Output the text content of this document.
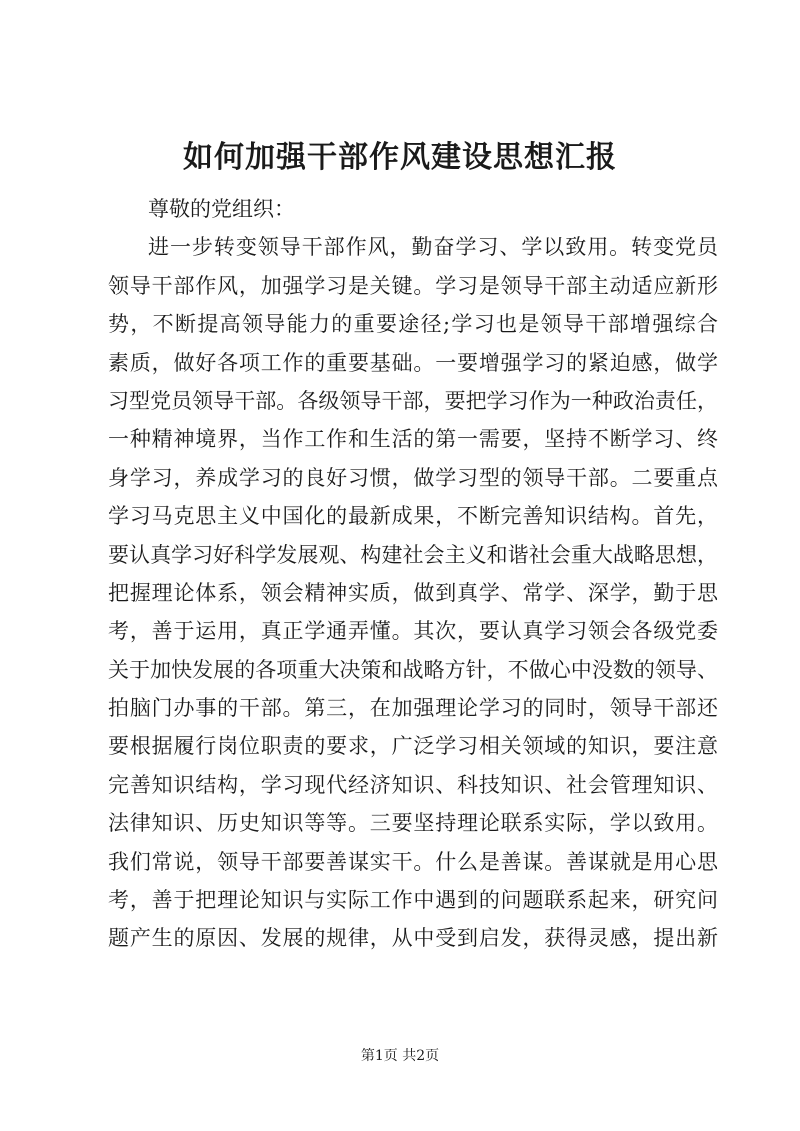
如何加强干部作风建设思想汇报
尊敬的党组织：
进一步转变领导干部作风，勤奋学习、学以致用。转变党员
领导干部作风，加强学习是关键。学习是领导干部主动适应新形
势，不断提高领导能力的重要途径;学习也是领导干部增强综合
素质，做好各项工作的重要基础。一要增强学习的紧迫感，做学
习型党员领导干部。各级领导干部，要把学习作为一种政治责任，
一种精神境界，当作工作和生活的第一需要，坚持不断学习、终
身学习，养成学习的良好习惯，做学习型的领导干部。二要重点
学习马克思主义中国化的最新成果，不断完善知识结构。首先，
要认真学习好科学发展观、构建社会主义和谐社会重大战略思想，
把握理论体系，领会精神实质，做到真学、常学、深学，勤于思
考，善于运用，真正学通弄懂。其次，要认真学习领会各级党委
关于加快发展的各项重大决策和战略方针，不做心中没数的领导、
拍脑门办事的干部。第三，在加强理论学习的同时，领导干部还
要根据履行岗位职责的要求，广泛学习相关领域的知识，要注意
完善知识结构，学习现代经济知识、科技知识、社会管理知识、
法律知识、历史知识等等。三要坚持理论联系实际，学以致用。
我们常说，领导干部要善谋实干。什么是善谋。善谋就是用心思
考，善于把理论知识与实际工作中遇到的问题联系起来，研究问
题产生的原因、发展的规律，从中受到启发，获得灵感，提出新
第1页 共2页
